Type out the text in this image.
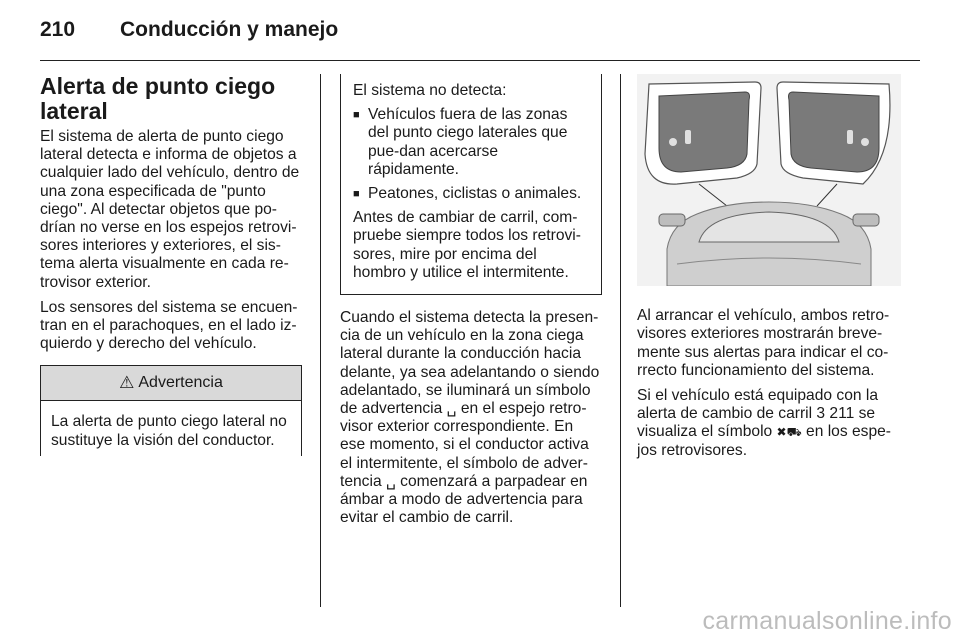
210	Conducción y manejo
Alerta de punto ciego lateral

El sistema de alerta de punto ciego lateral detecta e informa de objetos a cualquier lado del vehículo, dentro de una zona especificada de "punto ciego". Al detectar objetos que po-drían no verse en los espejos retrovi-sores interiores y exteriores, el sis-tema alerta visualmente en cada re-trovisor exterior.

Los sensores del sistema se encuen-tran en el parachoques, en el lado iz-quierdo y derecho del vehículo.

⚠ Advertencia
La alerta de punto ciego lateral no sustituye la visión del conductor.

El sistema no detecta:

■ Vehículos fuera de las zonas del punto ciego laterales que pue-dan acercarse rápidamente.
■ Peatones, ciclistas o animales.

Antes de cambiar de carril, com-pruebe siempre todos los retrovi-sores, mire por encima del hombro y utilice el intermitente.

Cuando el sistema detecta la presen-cia de un vehículo en la zona ciega lateral durante la conducción hacia delante, ya sea adelantando o siendo adelantado, se iluminará un símbolo de advertencia ␣ en el espejo retro-visor exterior correspondiente. En ese momento, si el conductor activa el intermitente, el símbolo de adver-tencia ␣ comenzará a parpadear en ámbar a modo de advertencia para evitar el cambio de carril.

Al arrancar el vehículo, ambos retro-visores exteriores mostrarán breve-mente sus alertas para indicar el co-rrecto funcionamiento del sistema.

Si el vehículo está equipado con la alerta de cambio de carril 3 211 se visualiza el símbolo ✖⛟ en los espe-jos retrovisores.

carmanualsonline.info
